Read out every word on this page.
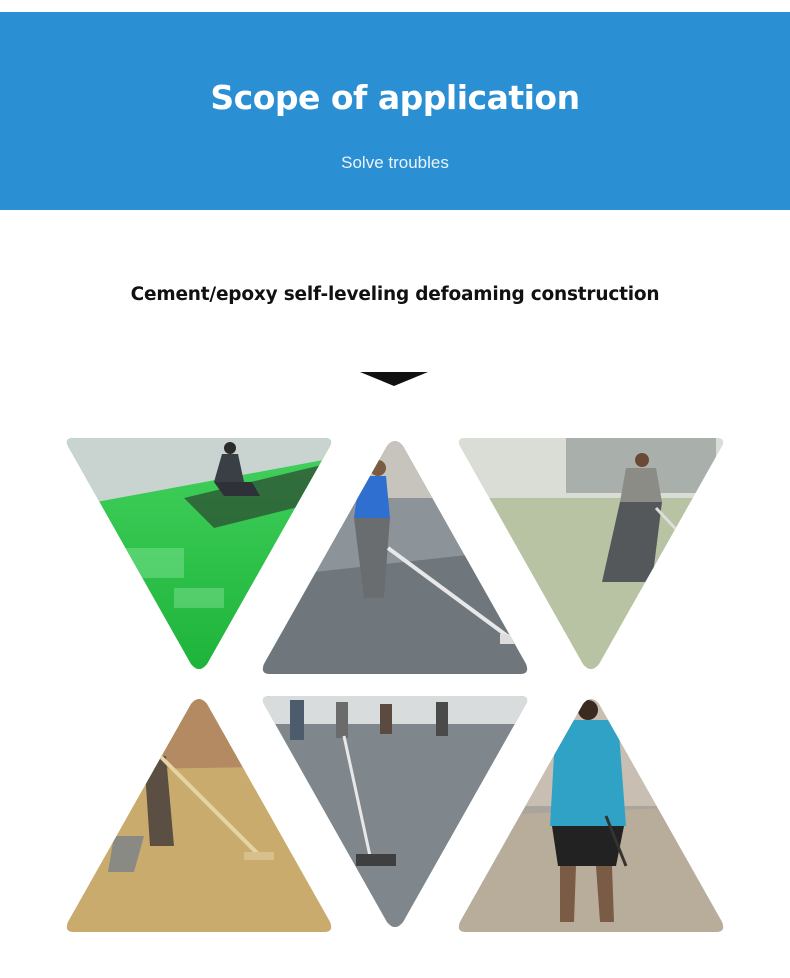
Scope of application
Solve troubles
Cement/epoxy self-leveling defoaming construction
